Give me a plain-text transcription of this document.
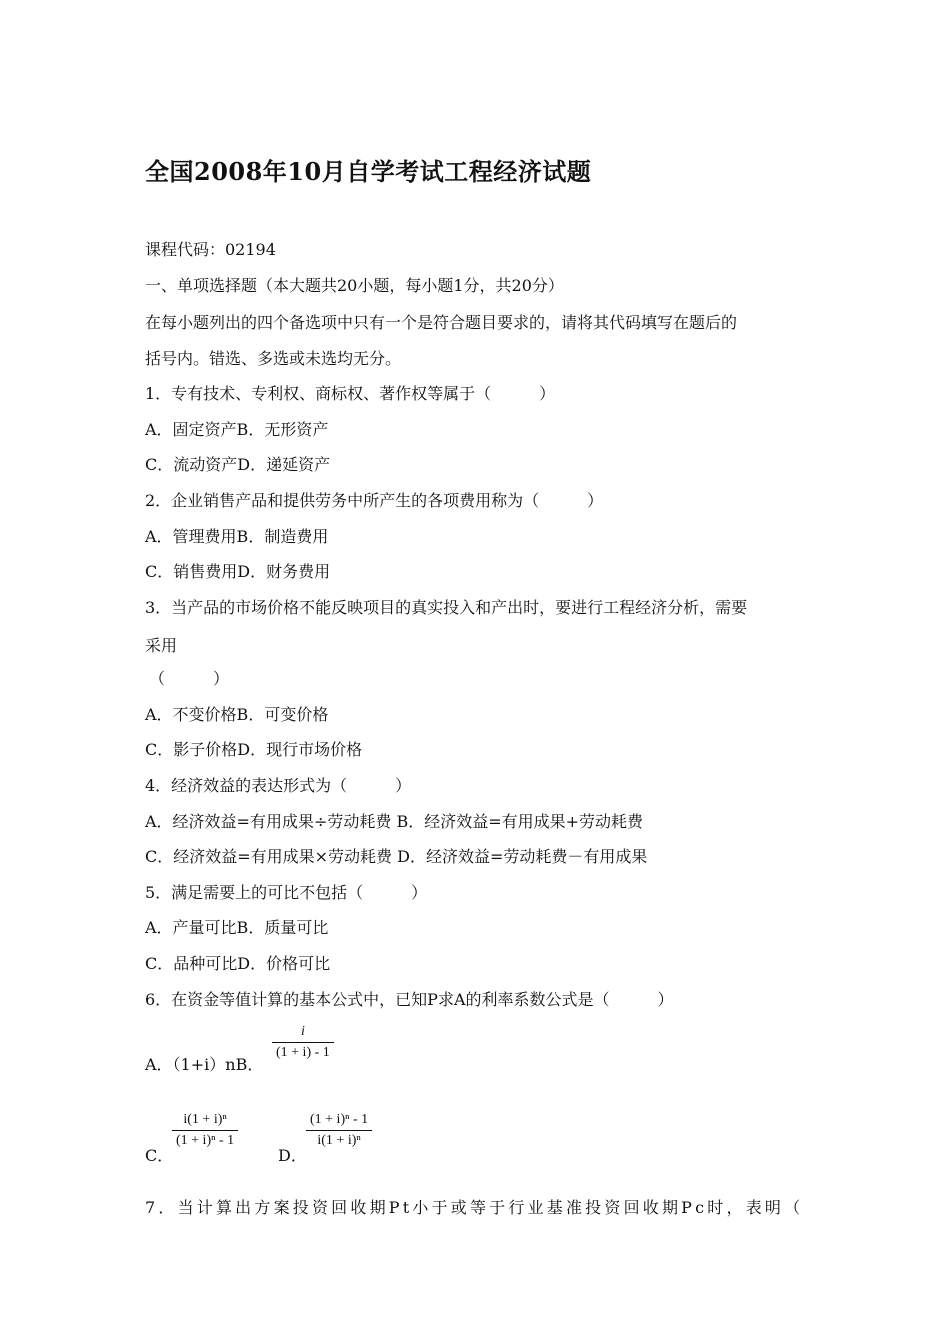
全国2008年10月自学考试工程经济试题
课程代码：02194
一、单项选择题（本大题共20小题，每小题1分，共20分）
在每小题列出的四个备选项中只有一个是符合题目要求的，请将其代码填写在题后的
括号内。错选、多选或未选均无分。
1．专有技术、专利权、商标权、著作权等属于（　　　）
A．固定资产B．无形资产
C．流动资产D．递延资产
2．企业销售产品和提供劳务中所产生的各项费用称为（　　　）
A．管理费用B．制造费用
C．销售费用D．财务费用
3．当产品的市场价格不能反映项目的真实投入和产出时，要进行工程经济分析，需要
采用
（　　　）
A．不变价格B．可变价格
C．影子价格D．现行市场价格
4．经济效益的表达形式为（　　　）
A．经济效益=有用成果÷劳动耗费 B．经济效益=有用成果+劳动耗费
C．经济效益=有用成果×劳动耗费 D．经济效益=劳动耗费－有用成果
5．满足需要上的可比不包括（　　　）
A．产量可比B．质量可比
C．品种可比D．价格可比
6．在资金等值计算的基本公式中，已知P求A的利率系数公式是（　　　）
A．（1+i）nB．
$\frac{i}{(1 + i) - 1}$
C．
$\frac{\text{i(1 + i)ⁿ}}{\text{(1 + i)ⁿ - 1}}$
D．
$\frac{\text{(1 + i)ⁿ - 1}}{\text{i(1 + i)ⁿ}}$
7．当计算出方案投资回收期Pt小于或等于行业基准投资回收期Pc时，表明（
